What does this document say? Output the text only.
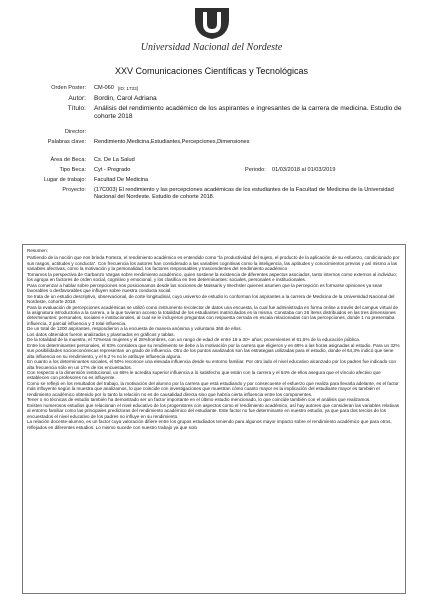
Universidad Nacional del Nordeste
XXV Comunicaciones Científicas y Tecnológicas
Orden Poster: CM-060 [ID: 1733]
Autor: Bordin, Carol Adriana
Título: Análisis del rendimiento académico de los aspirantes e ingresantes de la carrera de medicina. Estudio de cohorte 2018
Director:
Palabras clave: Rendimiento,Medicina,Estudiantes,Percepciones,Dimensiones
Área de Beca: Cs. De La Salud
Tipo Beca: Cyt - Pregrado	Periodo: 01/03/2018 al 01/03/2019
Lugar de trabajo: Facultad De Medicina
Proyecto: (17C003) El rendimiento y las percepciones académicas de los estudiantes de la Facultad de Medicina de la Universidad Nacional del Nordeste. Estudio de cohorte 2018.

Resumen:

Partiendo de la noción que nos brinda Forteza, el rendimiento académico es entendido como "la productividad del sujeto, el producto de la aplicación de su esfuerzo, condicionado por sus rasgos, actitudes y conducta". Con frecuencia los autores han considerado a las variables cognitivas como la inteligencia, las aptitudes y conocimientos previos y así mismo a las variables afectivas, como la motivación y la personalidad, los factores responsables y trascendentes del rendimiento académico

Tomamos la perspectiva de Garbanzo Vargas sobre rendimiento académico, quien sostiene la existencia de diferentes aspectos asociados, tanto internos como externos al individuo; los agrupa en factores de orden social, cognitivo y emocional, y los clasifica en tres determinantes: sociales, personales e institucionales.

Para comenzar a hablar sobre percepciones nos posicionamos desde las nociones de Massaris y Wechsler quienes asumen que la percepción es formarse opiniones ya sean favorables o desfavorables que influyen sobre nuestra conducta social.

Se trata de un estudio descriptivo, observacional, de corte longitudinal, cuyo universo de estudio lo conforman los aspirantes a la carrera de Medicina de la Universidad Nacional del Nordeste, cohorte 2018.

Para la evaluación de percepciones académicas se utilizó como instrumento recolector de datos una encuesta, la cual fue administrada en forma online a través del campus virtual de la asignatura introductoria a la carrera, a la que tuvieron acceso la totalidad de los estudiantes matriculados en la misma. Constaba con 26 ítems distribuidos en las tres dimensiones determinantes: personales, sociales e institucionales, al cual se le incluyeron preguntas con respuesta cerrada en escala relacionadas con las percepciones, donde 1 no presentaba influencia, 2 parcial influencia y 3 total influencia.

De un total de 1200 aspirantes, respondieron a la encuesta de manera anónima y voluntaria 366 de ellos.

Los datos obtenidos fueron analizados y plasmados en gráficos y tablas.

De la totalidad de la muestra, el 72%eran mujeres y el 28%hombres, con un rango de edad de entre 18 a 30+ años; provenientes el 61,5% de la educación pública.

Entre los determinantes personales, el 83% considera que su rendimiento se debe a la motivación por la carrera que eligieron y en 68% a las horas asignadas al estudio. Para un 32% sus posibilidades socioeconómicas representan un grado de influencia. Otro de los puntos analizados son las estrategias utilizadas para el estudio, donde el 64,3% indicó que tiene alta influencia en su rendimiento, y el 9,2 % no le atribuye influencia alguna.

En cuanto a los determinantes sociales, el 50% reconoce una elevada influencia desde su entorno familiar. Por otro lado el nivel educativo alcanzado por los padres fue indicado con alta frecuencia sólo en un 17% de los encuestados.

Con respecto a la dimensión institucional, un 66% le acredita superior influencia a lo satisfecho que están con la carrera y el 54% de ellos asegura que el vínculo afectivo que establecen con profesores no es influyente.

Como se reflejó en los resultados del trabajo, la motivación del alumno por la carrera que está estudiando y por consecuente el esfuerzo que realiza para llevarla adelante, es el factor más influyente según la muestra que analizamos, lo que coincide con investigaciones que muestran cómo cuanto mayor es la implicación del estudiante mayor es también el rendimiento académico obtenido por lo tanto la relación no es de causalidad directa sino que habría cierta influencia entre los componentes.

Tener o no técnicas de estudio también ha demostrado ser un factor importante en el último estudio mencionado, lo que coincide también con el análisis que realizamos.

Existen numerosos estudios que relacionan el nivel educativo de los progenitores con aspectos como el rendimiento académico, así hay autores que consideran las variables relativas al entorno familiar como las principales predictoras del rendimiento académico del estudiante. Este factor no fue determinante en nuestro estudio, ya que para dos tercios de los encuestados el nivel educativo de los padres no influye en su rendimiento.

La relación docente-alumno, es un factor cuya valoración difiere entre los grupos estudiados teniendo para algunos mayor impacto sobre el rendimiento académico que para otros, reflejados en diferentes estudios. Lo mismo sucede con nuestro trabajo ya que solo
